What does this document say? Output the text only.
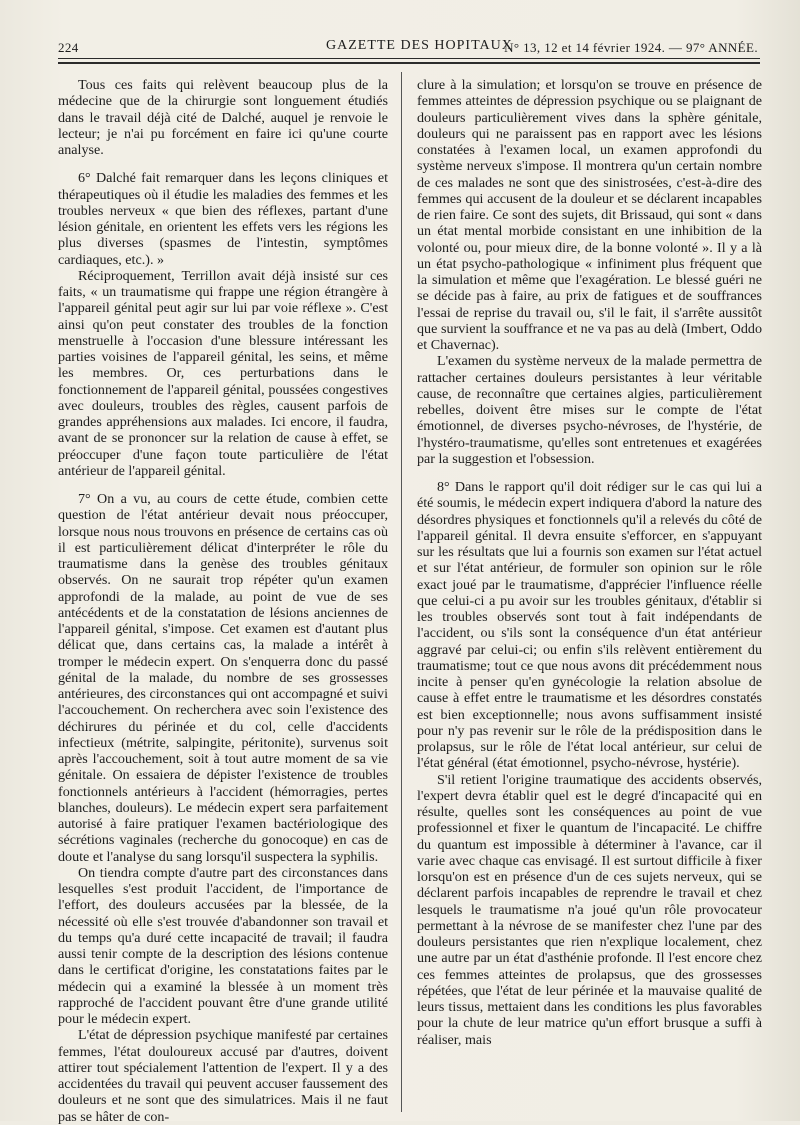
224	GAZETTE DES HOPITAUX
N° 13, 12 et 14 février 1924. — 97° ANNÉE.

Tous ces faits qui relèvent beaucoup plus de la médecine que de la chirurgie sont longuement étudiés dans le travail déjà cité de Dalché, auquel je renvoie le lecteur; je n'ai pu forcément en faire ici qu'une courte analyse.

6° Dalché fait remarquer dans les leçons cliniques et thérapeutiques où il étudie les maladies des femmes et les troubles nerveux « que bien des réflexes, partant d'une lésion génitale, en orientent les effets vers les régions les plus diverses (spasmes de l'intestin, symptômes cardiaques, etc.). »

Réciproquement, Terrillon avait déjà insisté sur ces faits, « un traumatisme qui frappe une région étrangère à l'appareil génital peut agir sur lui par voie réflexe ». C'est ainsi qu'on peut constater des troubles de la fonction menstruelle à l'occasion d'une blessure intéressant les parties voisines de l'appareil génital, les seins, et même les membres. Or, ces perturbations dans le fonctionnement de l'appareil génital, poussées congestives avec douleurs, troubles des règles, causent parfois de grandes appréhensions aux malades. Ici encore, il faudra, avant de se prononcer sur la relation de cause à effet, se préoccuper d'une façon toute particulière de l'état antérieur de l'appareil génital.

7° On a vu, au cours de cette étude, combien cette question de l'état antérieur devait nous préoccuper, lorsque nous nous trouvons en présence de certains cas où il est particulièrement délicat d'interpréter le rôle du traumatisme dans la genèse des troubles génitaux observés. On ne saurait trop répéter qu'un examen approfondi de la malade, au point de vue de ses antécédents et de la constatation de lésions anciennes de l'appareil génital, s'impose. Cet examen est d'autant plus délicat que, dans certains cas, la malade a intérêt à tromper le médecin expert. On s'enquerra donc du passé génital de la malade, du nombre de ses grossesses antérieures, des circonstances qui ont accompagné et suivi l'accouchement. On recherchera avec soin l'existence des déchirures du périnée et du col, celle d'accidents infectieux (métrite, salpingite, péritonite), survenus soit après l'accouchement, soit à tout autre moment de sa vie génitale. On essaiera de dépister l'existence de troubles fonctionnels antérieurs à l'accident (hémorragies, pertes blanches, douleurs). Le médecin expert sera parfaitement autorisé à faire pratiquer l'examen bactériologique des sécrétions vaginales (recherche du gonocoque) en cas de doute et l'analyse du sang lorsqu'il suspectera la syphilis.

On tiendra compte d'autre part des circonstances dans lesquelles s'est produit l'accident, de l'importance de l'effort, des douleurs accusées par la blessée, de la nécessité où elle s'est trouvée d'abandonner son travail et du temps qu'a duré cette incapacité de travail; il faudra aussi tenir compte de la description des lésions contenue dans le certificat d'origine, les constatations faites par le médecin qui a examiné la blessée à un moment très rapproché de l'accident pouvant être d'une grande utilité pour le médecin expert.

L'état de dépression psychique manifesté par certaines femmes, l'état douloureux accusé par d'autres, doivent attirer tout spécialement l'attention de l'expert. Il y a des accidentées du travail qui peuvent accuser faussement des douleurs et ne sont que des simulatrices. Mais il ne faut pas se hâter de con-

clure à la simulation; et lorsqu'on se trouve en présence de femmes atteintes de dépression psychique ou se plaignant de douleurs particulièrement vives dans la sphère génitale, douleurs qui ne paraissent pas en rapport avec les lésions constatées à l'examen local, un examen approfondi du système nerveux s'impose. Il montrera qu'un certain nombre de ces malades ne sont que des sinistrosées, c'est-à-dire des femmes qui accusent de la douleur et se déclarent incapables de rien faire. Ce sont des sujets, dit Brissaud, qui sont « dans un état mental morbide consistant en une inhibition de la volonté ou, pour mieux dire, de la bonne volonté ». Il y a là un état psycho-pathologique « infiniment plus fréquent que la simulation et même que l'exagération. Le blessé guéri ne se décide pas à faire, au prix de fatigues et de souffrances l'essai de reprise du travail ou, s'il le fait, il s'arrête aussitôt que survient la souffrance et ne va pas au delà (Imbert, Oddo et Chavernac).

L'examen du système nerveux de la malade permettra de rattacher certaines douleurs persistantes à leur véritable cause, de reconnaître que certaines algies, particulièrement rebelles, doivent être mises sur le compte de l'état émotionnel, de diverses psycho-névroses, de l'hystérie, de l'hystéro-traumatisme, qu'elles sont entretenues et exagérées par la suggestion et l'obsession.

8° Dans le rapport qu'il doit rédiger sur le cas qui lui a été soumis, le médecin expert indiquera d'abord la nature des désordres physiques et fonctionnels qu'il a relevés du côté de l'appareil génital. Il devra ensuite s'efforcer, en s'appuyant sur les résultats que lui a fournis son examen sur l'état actuel et sur l'état antérieur, de formuler son opinion sur le rôle exact joué par le traumatisme, d'apprécier l'influence réelle que celui-ci a pu avoir sur les troubles génitaux, d'établir si les troubles observés sont tout à fait indépendants de l'accident, ou s'ils sont la conséquence d'un état antérieur aggravé par celui-ci; ou enfin s'ils relèvent entièrement du traumatisme; tout ce que nous avons dit précédemment nous incite à penser qu'en gynécologie la relation absolue de cause à effet entre le traumatisme et les désordres constatés est bien exceptionnelle; nous avons suffisamment insisté pour n'y pas revenir sur le rôle de la prédisposition dans le prolapsus, sur le rôle de l'état local antérieur, sur celui de l'état général (état émotionnel, psycho-névrose, hystérie).

S'il retient l'origine traumatique des accidents observés, l'expert devra établir quel est le degré d'incapacité qui en résulte, quelles sont les conséquences au point de vue professionnel et fixer le quantum de l'incapacité. Le chiffre du quantum est impossible à déterminer à l'avance, car il varie avec chaque cas envisagé. Il est surtout difficile à fixer lorsqu'on est en présence d'un de ces sujets nerveux, qui se déclarent parfois incapables de reprendre le travail et chez lesquels le traumatisme n'a joué qu'un rôle provocateur permettant à la névrose de se manifester chez l'une par des douleurs persistantes que rien n'explique localement, chez une autre par un état d'asthénie profonde. Il l'est encore chez ces femmes atteintes de prolapsus, que des grossesses répétées, que l'état de leur périnée et la mauvaise qualité de leurs tissus, mettaient dans les conditions les plus favorables pour la chute de leur matrice qu'un effort brusque a suffi à réaliser, mais
